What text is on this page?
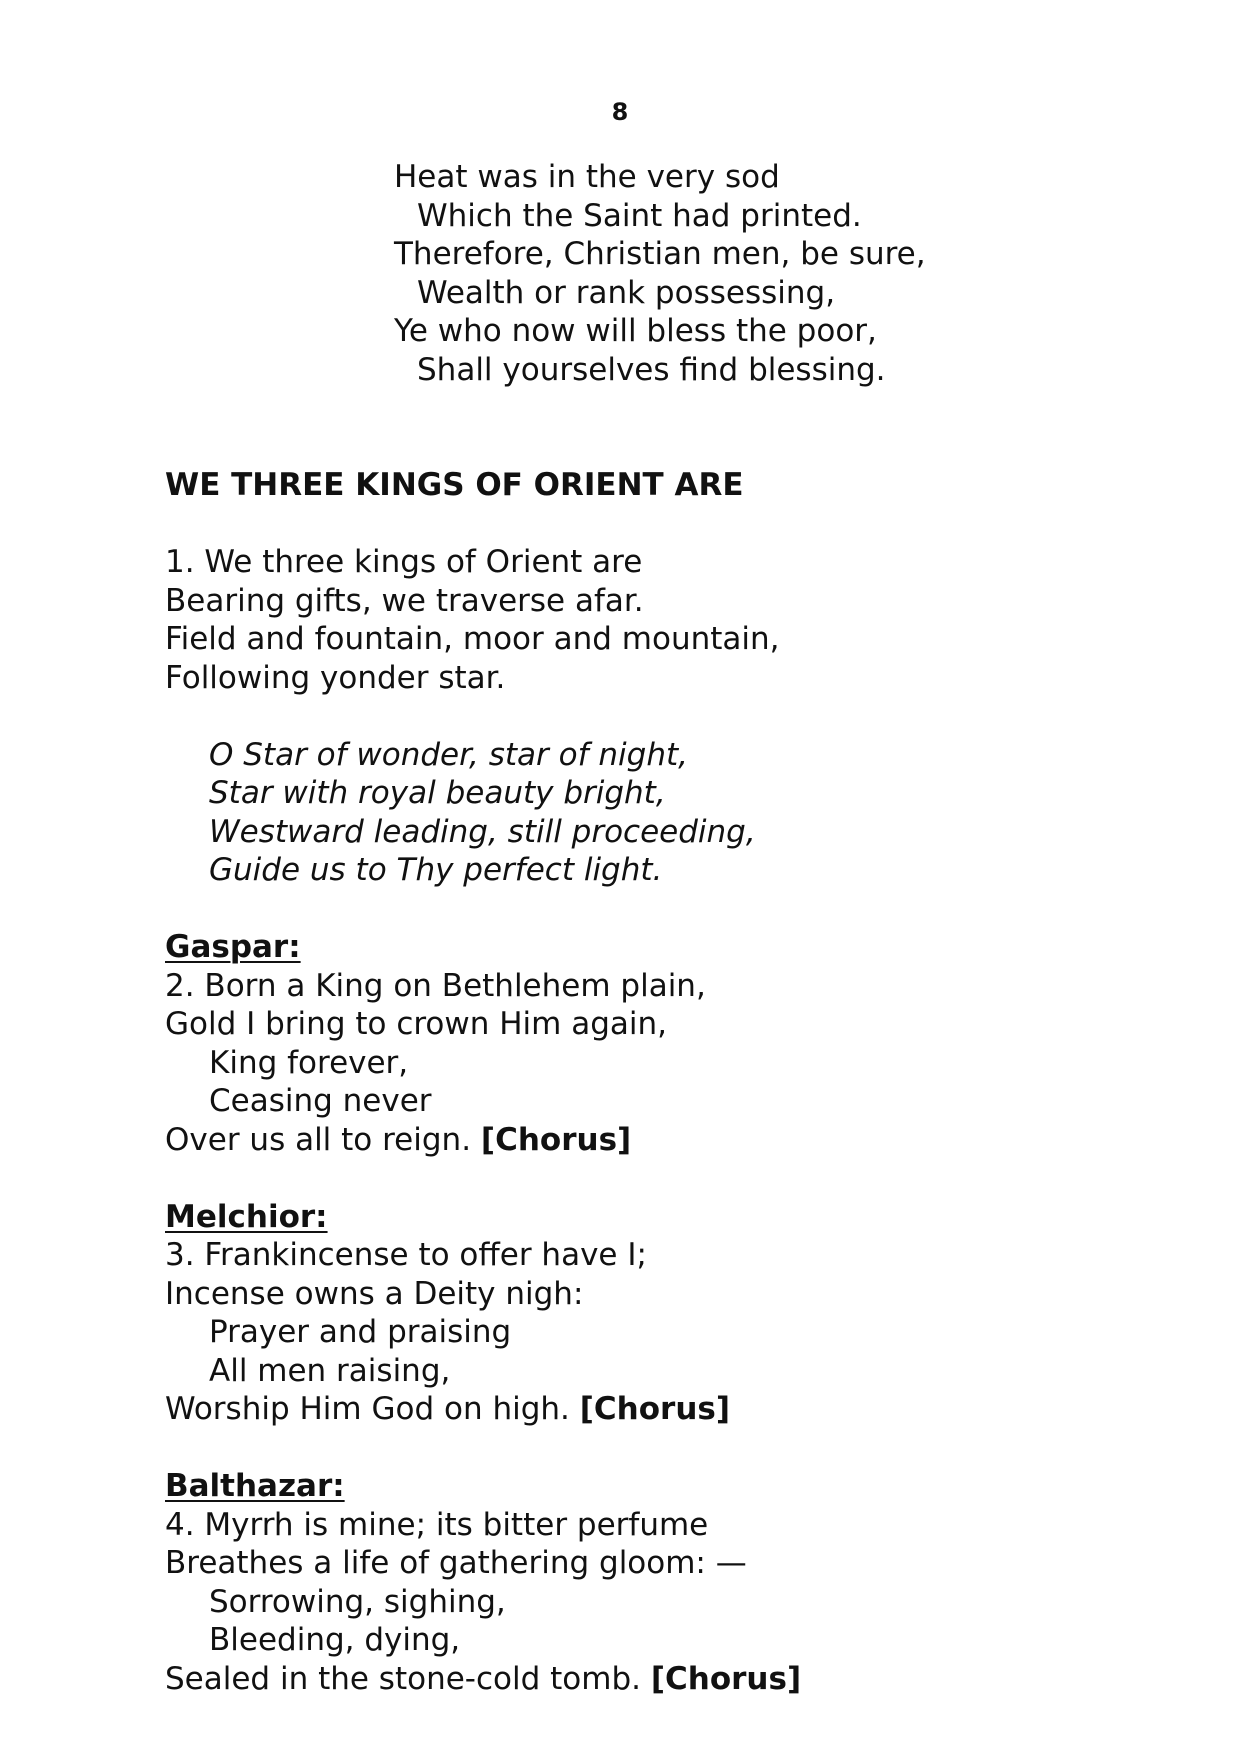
8
Heat was in the very sod
Which the Saint had printed.
Therefore, Christian men, be sure,
Wealth or rank possessing,
Ye who now will bless the poor,
Shall yourselves find blessing.
WE THREE KINGS OF ORIENT ARE
1. We three kings of Orient are
Bearing gifts, we traverse afar.
Field and fountain, moor and mountain,
Following yonder star.
O Star of wonder, star of night,
Star with royal beauty bright,
Westward leading, still proceeding,
Guide us to Thy perfect light.
Gaspar:
2. Born a King on Bethlehem plain,
Gold I bring to crown Him again,
King forever,
Ceasing never
Over us all to reign. [Chorus]
Melchior:
3. Frankincense to offer have I;
Incense owns a Deity nigh:
Prayer and praising
All men raising,
Worship Him God on high. [Chorus]
Balthazar:
4. Myrrh is mine; its bitter perfume
Breathes a life of gathering gloom: —
Sorrowing, sighing,
Bleeding, dying,
Sealed in the stone-cold tomb. [Chorus]
